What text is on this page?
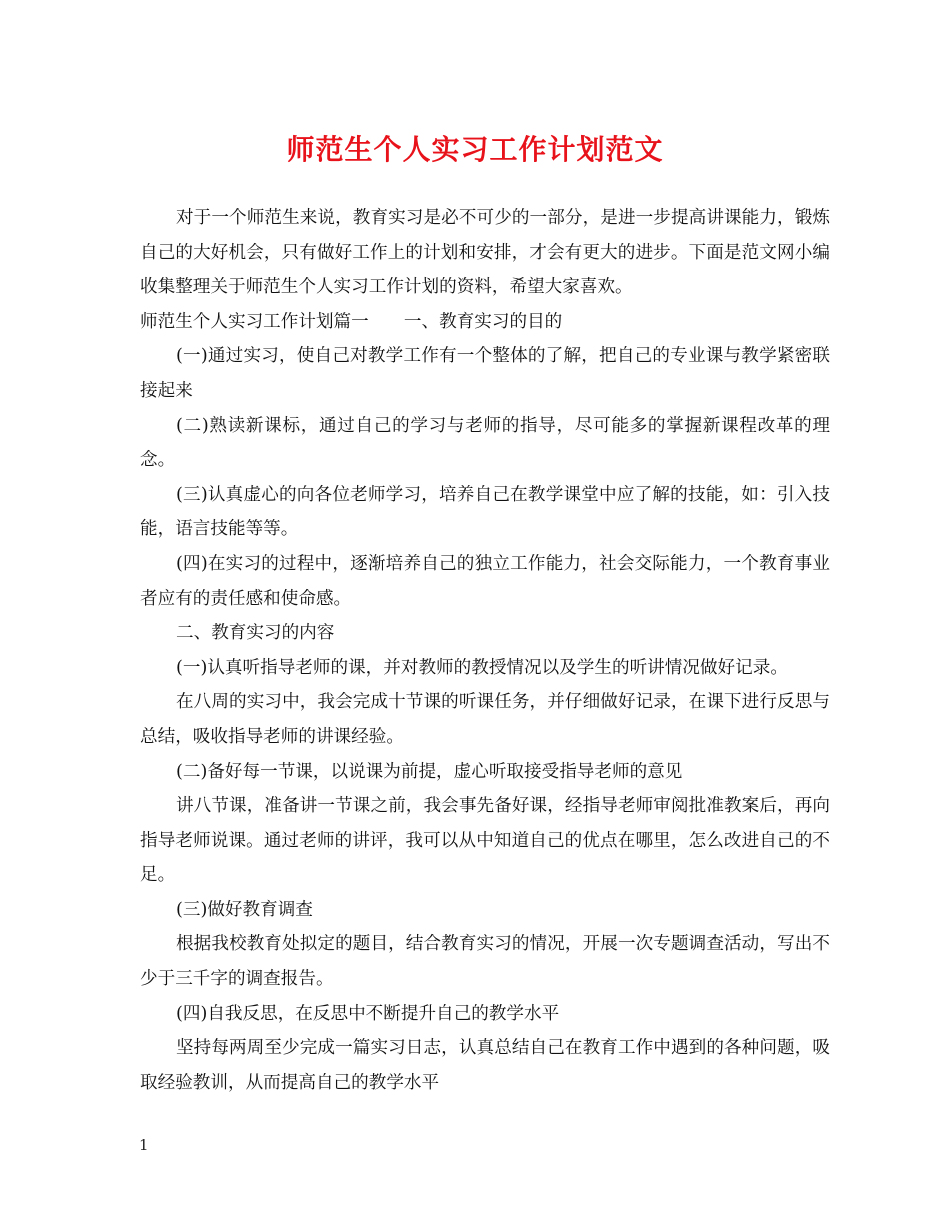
师范生个人实习工作计划范文

对于一个师范生来说，教育实习是必不可少的一部分，是进一步提高讲课能力，锻炼自己的大好机会，只有做好工作上的计划和安排，才会有更大的进步。下面是范文网小编收集整理关于师范生个人实习工作计划的资料，希望大家喜欢。

师范生个人实习工作计划篇一　　一、教育实习的目的

(一)通过实习，使自己对教学工作有一个整体的了解，把自己的专业课与教学紧密联接起来

(二)熟读新课标，通过自己的学习与老师的指导，尽可能多的掌握新课程改革的理念。

(三)认真虚心的向各位老师学习，培养自己在教学课堂中应了解的技能，如：引入技能，语言技能等等。

(四)在实习的过程中，逐渐培养自己的独立工作能力，社会交际能力，一个教育事业者应有的责任感和使命感。

二、教育实习的内容

(一)认真听指导老师的课，并对教师的教授情况以及学生的听讲情况做好记录。

在八周的实习中，我会完成十节课的听课任务，并仔细做好记录，在课下进行反思与总结，吸收指导老师的讲课经验。

(二)备好每一节课，以说课为前提，虚心听取接受指导老师的意见

讲八节课，准备讲一节课之前，我会事先备好课，经指导老师审阅批准教案后，再向指导老师说课。通过老师的讲评，我可以从中知道自己的优点在哪里，怎么改进自己的不足。

(三)做好教育调查

根据我校教育处拟定的题目，结合教育实习的情况，开展一次专题调查活动，写出不少于三千字的调查报告。

(四)自我反思，在反思中不断提升自己的教学水平

坚持每两周至少完成一篇实习日志，认真总结自己在教育工作中遇到的各种问题，吸取经验教训，从而提高自己的教学水平

1
